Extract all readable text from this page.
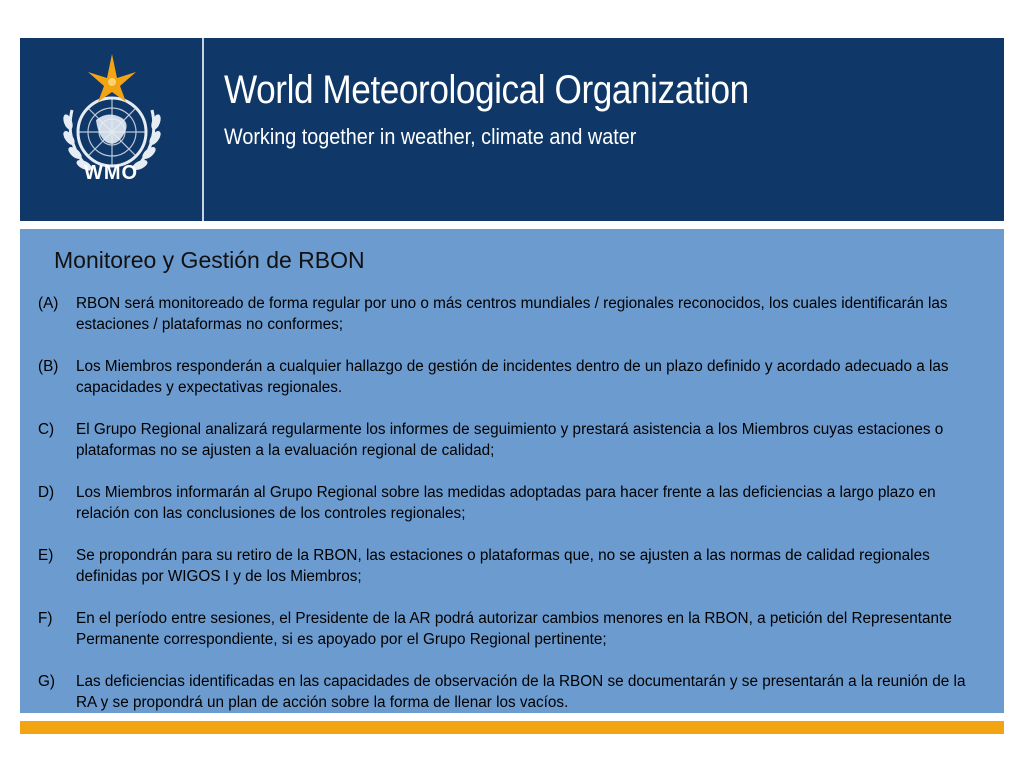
WMO
World Meteorological Organization
Working together in weather, climate and water
Monitoreo y Gestión de RBON
(A) RBON será monitoreado de forma regular por uno o más centros mundiales / regionales reconocidos, los cuales identificarán las estaciones / plataformas no conformes;
(B) Los Miembros responderán a cualquier hallazgo de gestión de incidentes dentro de un plazo definido y acordado adecuado a las capacidades y expectativas regionales.
C) El Grupo Regional analizará regularmente los informes de seguimiento y prestará asistencia a los Miembros cuyas estaciones o plataformas no se ajusten a la evaluación regional de calidad;
D) Los Miembros informarán al Grupo Regional sobre las medidas adoptadas para hacer frente a las deficiencias a largo plazo en relación con las conclusiones de los controles regionales;
E) Se propondrán para su retiro de la RBON, las estaciones o plataformas que, no se ajusten a las normas de calidad regionales definidas por WIGOS I y de los Miembros;
F) En el período entre sesiones, el Presidente de la AR podrá autorizar cambios menores en la RBON, a petición del Representante Permanente correspondiente, si es apoyado por el Grupo Regional pertinente;
G) Las deficiencias identificadas en las capacidades de observación de la RBON se documentarán y se presentarán a la reunión de la RA y se propondrá un plan de acción sobre la forma de llenar los vacíos.
